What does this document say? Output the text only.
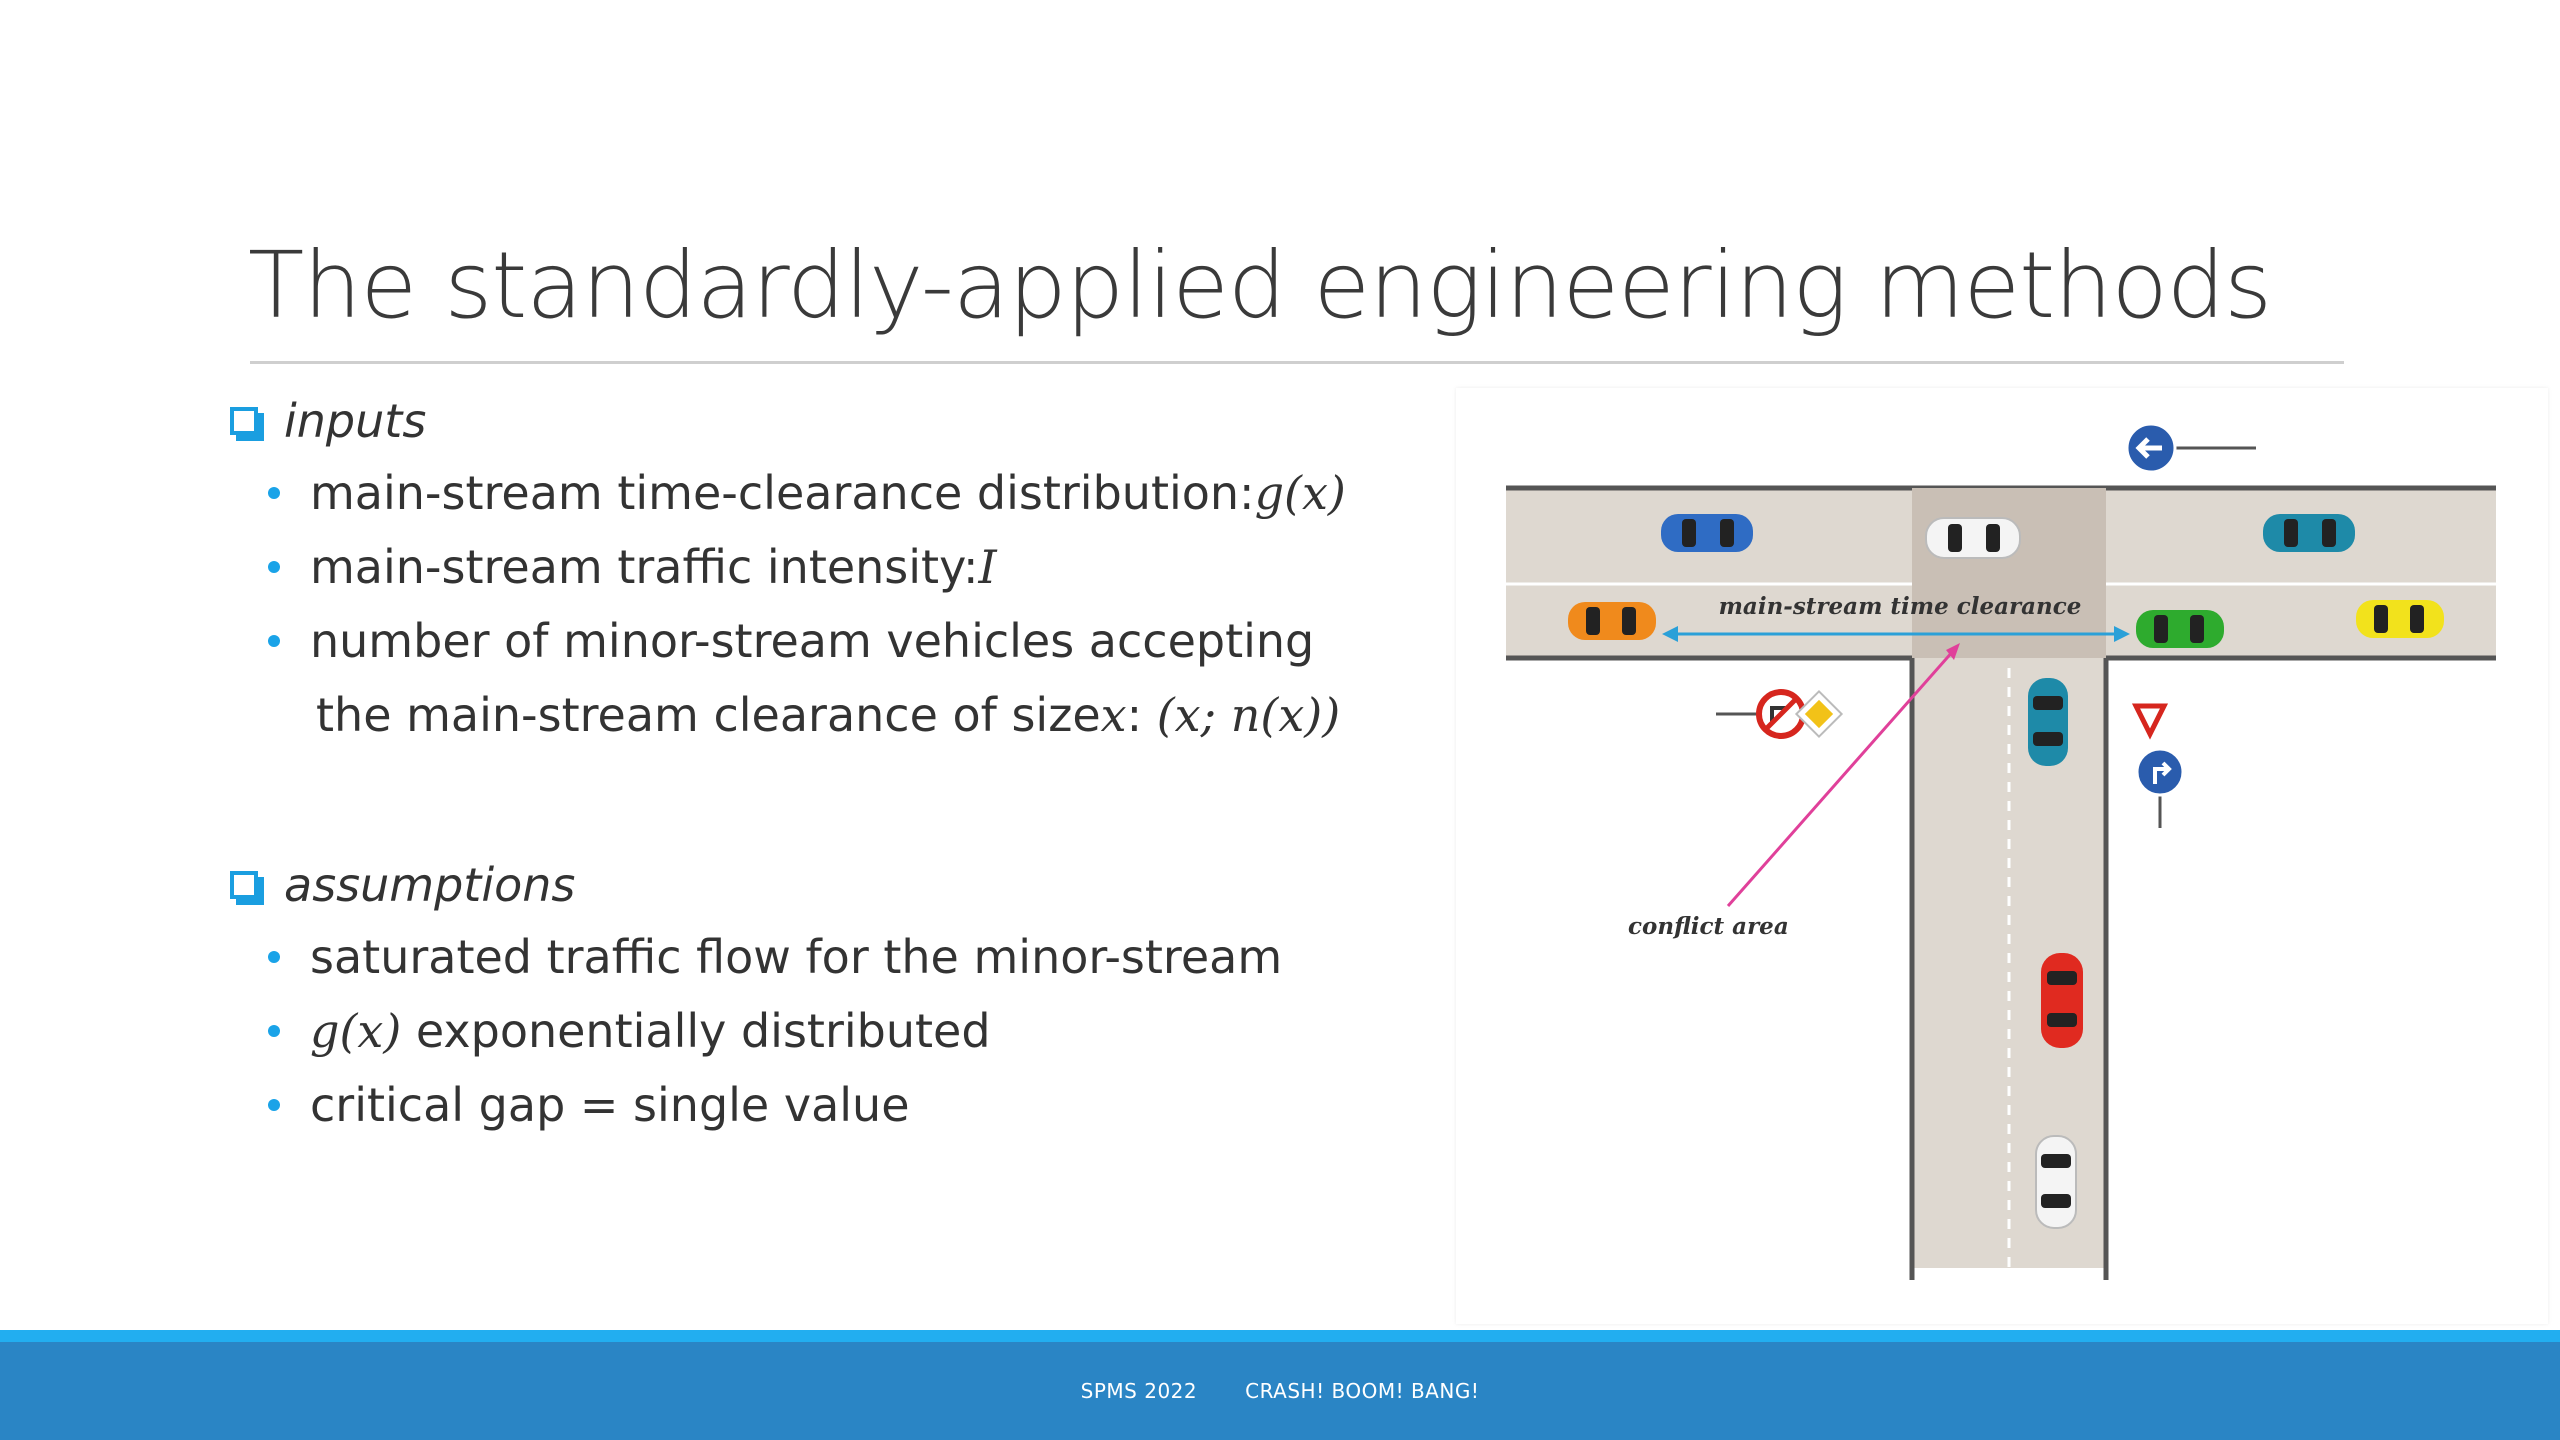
The standardly-applied engineering methods
inputs
main-stream time-clearance distribution: g(x)
main-stream traffic intensity: I
number of minor-stream vehicles accepting
the main-stream clearance of size x : (x; n(x))
assumptions
saturated traffic flow for the minor-stream
g(x) exponentially distributed
critical gap = single value
main-stream time clearance
conflict area
SPMS 2022 CRASH! BOOM! BANG!
